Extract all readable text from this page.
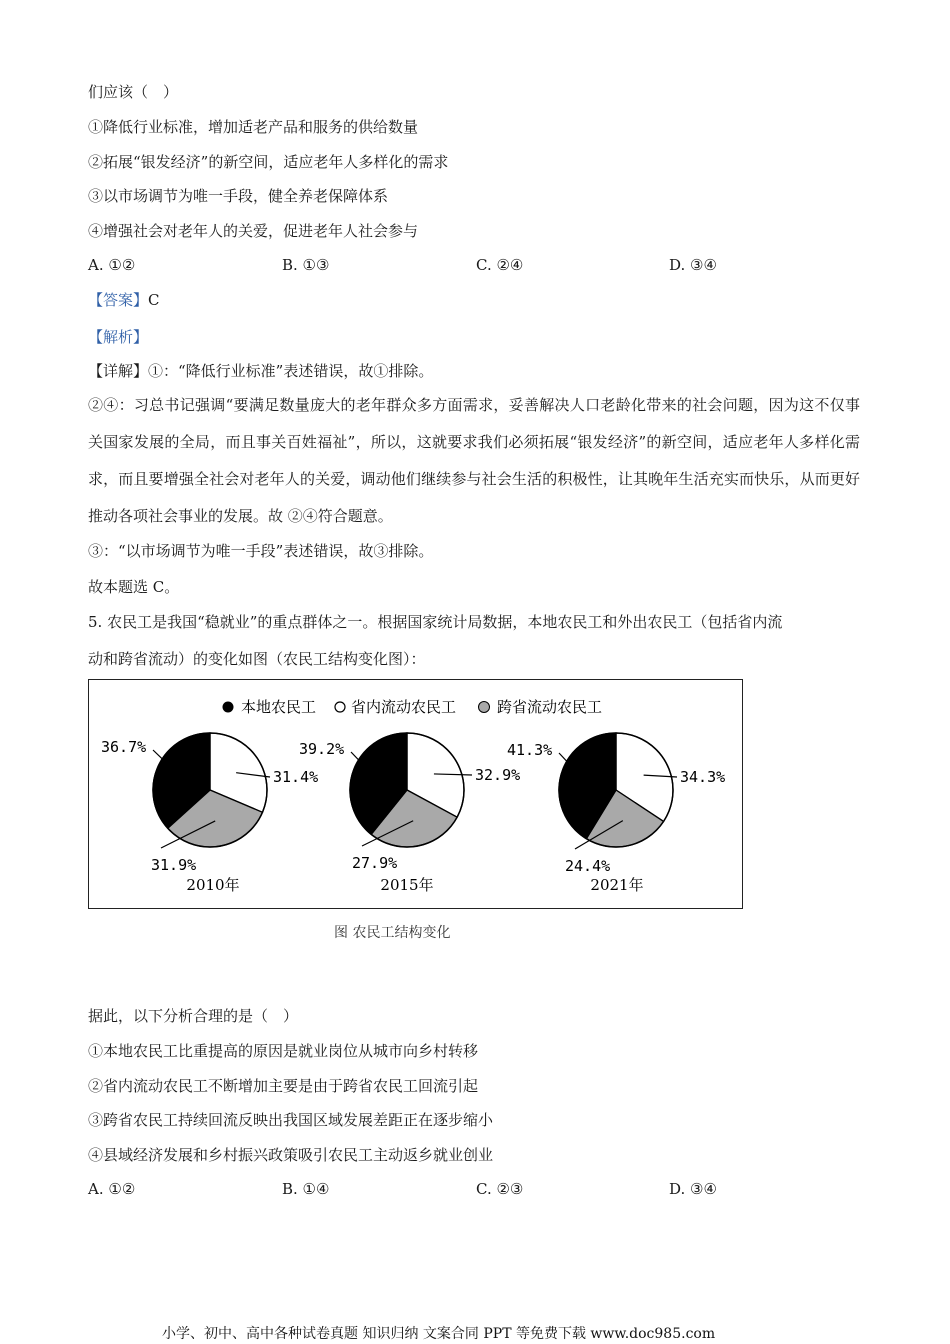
们应该（　）
①降低行业标准，增加适老产品和服务的供给数量
②拓展“银发经济”的新空间，适应老年人多样化的需求
③以市场调节为唯一手段，健全养老保障体系
④增强社会对老年人的关爱，促进老年人社会参与
A. ①②	B. ①③	C. ②④	D. ③④
【答案】C
【解析】
【详解】①：“降低行业标准”表述错误，故①排除。
②④：习总书记强调“要满足数量庞大的老年群众多方面需求，妥善解决人口老龄化带来的社会问题，因为这不仅事关国家发展的全局，而且事关百姓福祉”，所以，这就要求我们必须拓展“银发经济”的新空间，适应老年人多样化需求，而且要增强全社会对老年人的关爱，调动他们继续参与社会生活的积极性，让其晚年生活充实而快乐，从而更好推动各项社会事业的发展。故 ②④符合题意。
③：“以市场调节为唯一手段”表述错误，故③排除。
故本题选 C。
5. 农民工是我国“稳就业”的重点群体之一。根据国家统计局数据，本地农民工和外出农民工（包括省内流
动和跨省流动）的变化如图（农民工结构变化图）：
本地农民工 省内流动农民工	跨省流动农民工
36.7%
31.4%
31.9%
2010年
39.2%
32.9%
27.9%
2015年
41.3%
34.3%
24.4%
2021年
图 农民工结构变化
据此，以下分析合理的是（　）
①本地农民工比重提高的原因是就业岗位从城市向乡村转移
②省内流动农民工不断增加主要是由于跨省农民工回流引起
③跨省农民工持续回流反映出我国区域发展差距正在逐步缩小
④县域经济发展和乡村振兴政策吸引农民工主动返乡就业创业
A. ①②	B. ①④	C. ②③	D. ③④
小学、初中、高中各种试卷真题 知识归纳 文案合同 PPT 等免费下载 www.doc985.com
